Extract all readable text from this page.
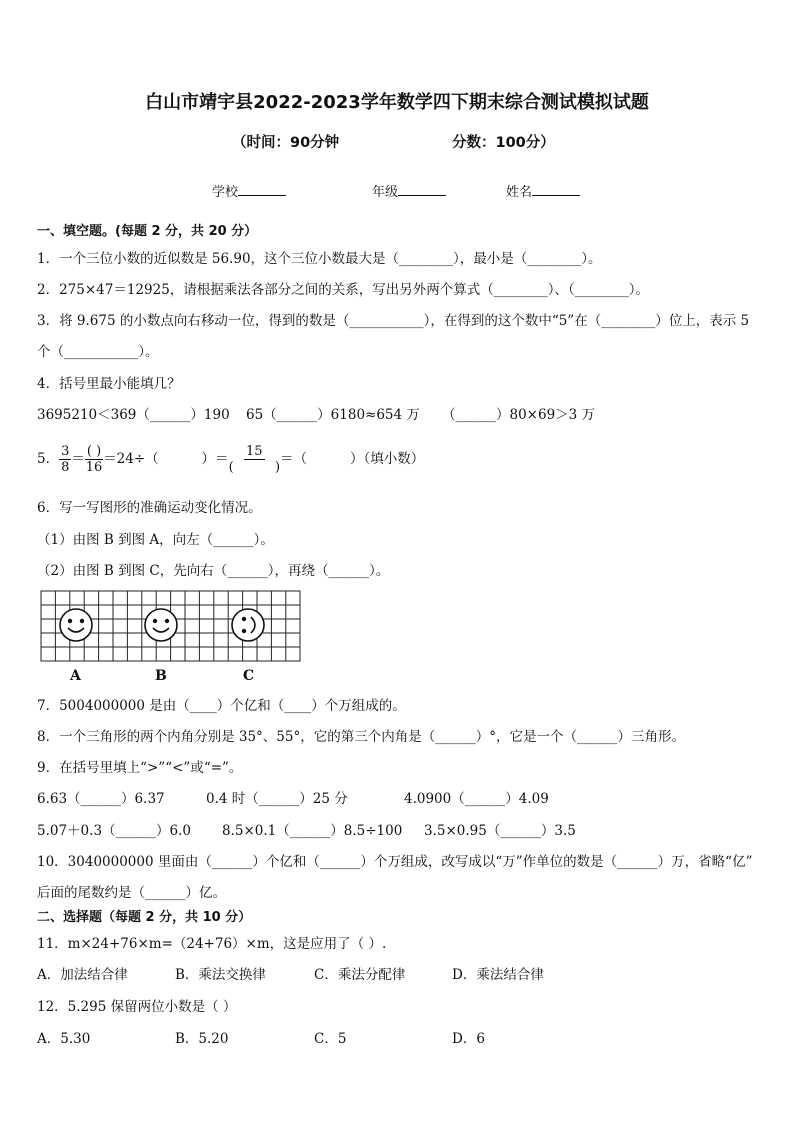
白山市靖宇县2022-2023学年数学四下期末综合测试模拟试题
（时间：90分钟	分数：100分）
学校	年级	姓名
一、填空题。(每题 2 分，共 20 分）
1．一个三位小数的近似数是 56.90，这个三位小数最大是（________），最小是（________）。
2．275×47＝12925，请根据乘法各部分之间的关系，写出另外两个算式（________）、（________）。
3．将 9.675 的小数点向右移动一位，得到的数是（___________），在得到的这个数中“5”在（________）位上，表示 5
个（___________）。
4．括号里最小能填几？
3695210＜369（______）190 65（______）6180≈654 万 （______）80×69＞3 万
5． $\frac{3}{8} = \frac{( )}{16} =24\div$（          ）＝ $\frac{15}{( )}$ ＝（          ）（填小数）
6．写一写图形的准确运动变化情况。
（1）由图 B 到图 A，向左（______）。
（2）由图 B 到图 C，先向右（______），再绕（______）。
A	B	C
7．5004000000 是由（____）个亿和（____）个万组成的。
8．一个三角形的两个内角分别是 35°、55°，它的第三个内角是（______）°，它是一个（______）三角形。
9．在括号里填上“>”“<”或“=”。
6.63（______）6.37	0.4 时（______）25 分	4.0900（______）4.09
5.07＋0.3（______）6.0 8.5×0.1（______）8.5÷100 3.5×0.95（______）3.5
10．3040000000 里面由（______）个亿和（______）个万组成，改写成以“万”作单位的数是（______）万，省略“亿”
后面的尾数约是（______）亿。
二、选择题（每题 2 分，共 10 分）
11．m×24+76×m=（24+76）×m，这是应用了（ ）.
A．加法结合律	B．乘法交换律	C．乘法分配律	D．乘法结合律
12．5.295 保留两位小数是（ ）
A．5.30	B．5.20	C．5	D．6
